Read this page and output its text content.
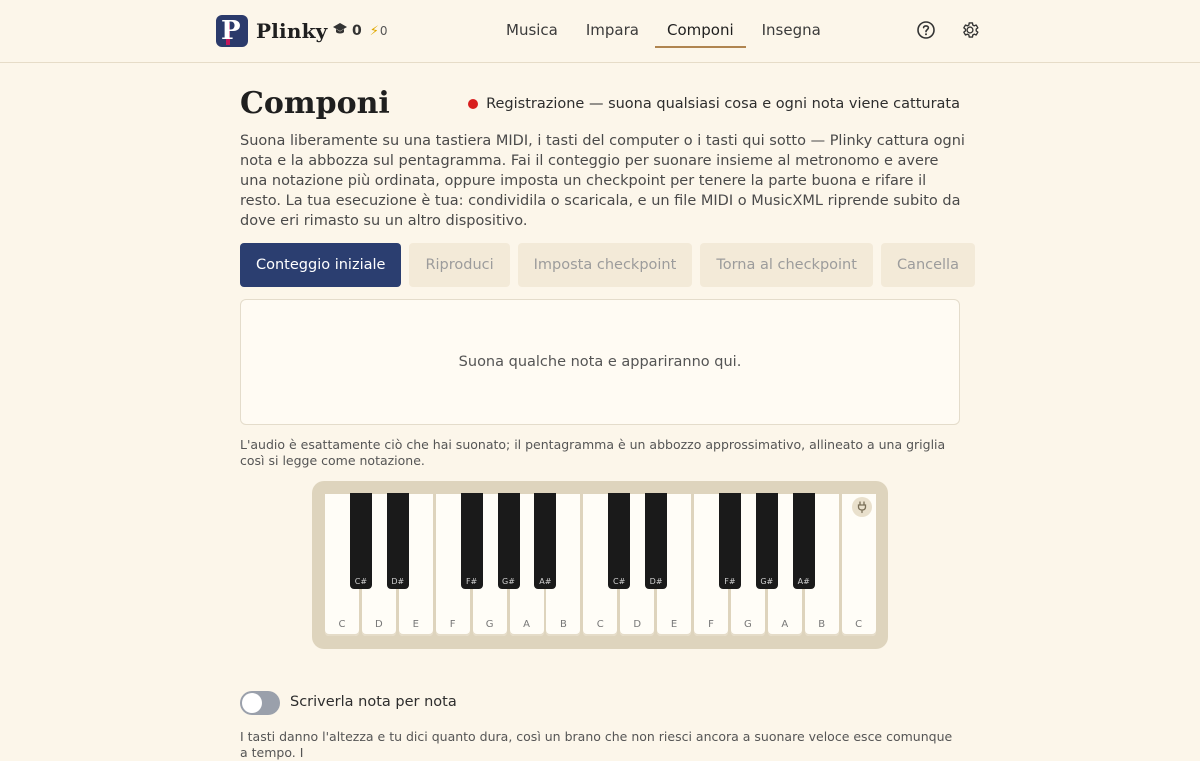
P Plinky 0 ⚡ 0	Musica	Impara	Componi	Insegna
Componi	Registrazione — suona qualsiasi cosa e ogni nota viene catturata

Suona liberamente su una tastiera MIDI, i tasti del computer o i tasti qui sotto — Plinky cattura ogni nota e la abbozza sul pentagramma. Fai il conteggio per suonare insieme al metronomo e avere una notazione più ordinata, oppure imposta un checkpoint per tenere la parte buona e rifare il resto. La tua esecuzione è tua: condividila o scaricala, e un file MIDI o MusicXML riprende subito da dove eri rimasto su un altro dispositivo.

Conteggio iniziale	Riproduci	Imposta checkpoint	Torna al checkpoint	Cancella
Suona qualche nota e appariranno qui.

L'audio è esattamente ciò che hai suonato; il pentagramma è un abbozzo approssimativo, allineato a una griglia così si legge come notazione.

C	D	E	F	G	A	B	C	D	E	F	G	A	B	C
C#	D#	F#	G#	A#	C#	D#	F#	G#	A#
Scriverla nota per nota

I tasti danno l'altezza e tu dici quanto dura, così un brano che non riesci ancora a suonare veloce esce comunque a tempo. I
